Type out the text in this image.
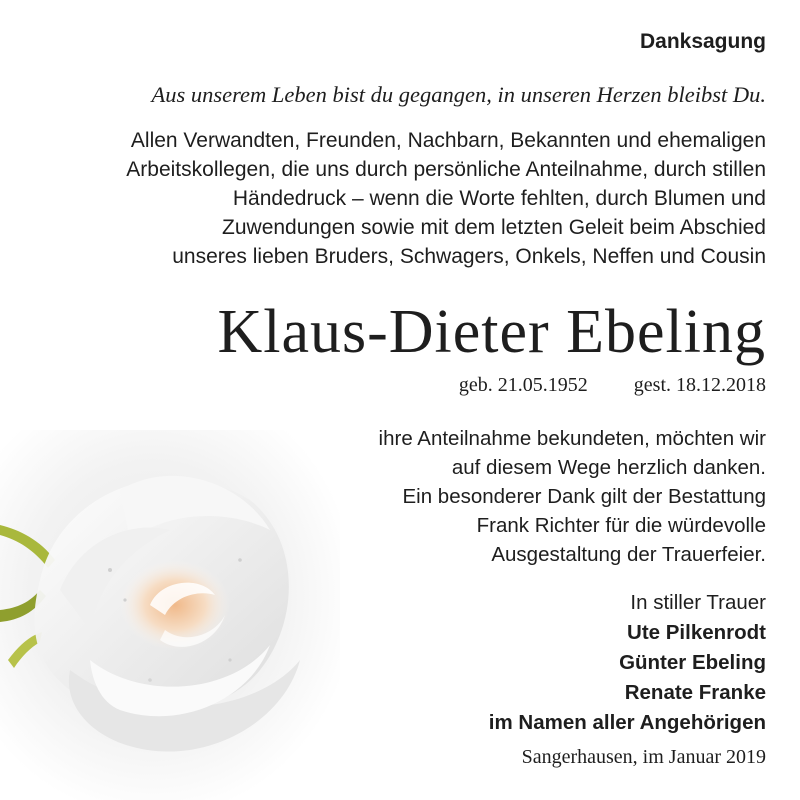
Danksagung
Aus unserem Leben bist du gegangen, in unseren Herzen bleibst Du.
Allen Verwandten, Freunden, Nachbarn, Bekannten und ehemaligen
Arbeitskollegen, die uns durch persönliche Anteilnahme, durch stillen
Händedruck – wenn die Worte fehlten, durch Blumen und
Zuwendungen sowie mit dem letzten Geleit beim Abschied
unseres lieben Bruders, Schwagers, Onkels, Neffen und Cousin
Klaus-Dieter Ebeling
geb. 21.05.1952 gest. 18.12.2018
ihre Anteilnahme bekundeten, möchten wir
auf diesem Wege herzlich danken.
Ein besonderer Dank gilt der Bestattung
Frank Richter für die würdevolle
Ausgestaltung der Trauerfeier.
In stiller Trauer
Ute Pilkenrodt
Günter Ebeling
Renate Franke
im Namen aller Angehörigen
Sangerhausen, im Januar 2019
